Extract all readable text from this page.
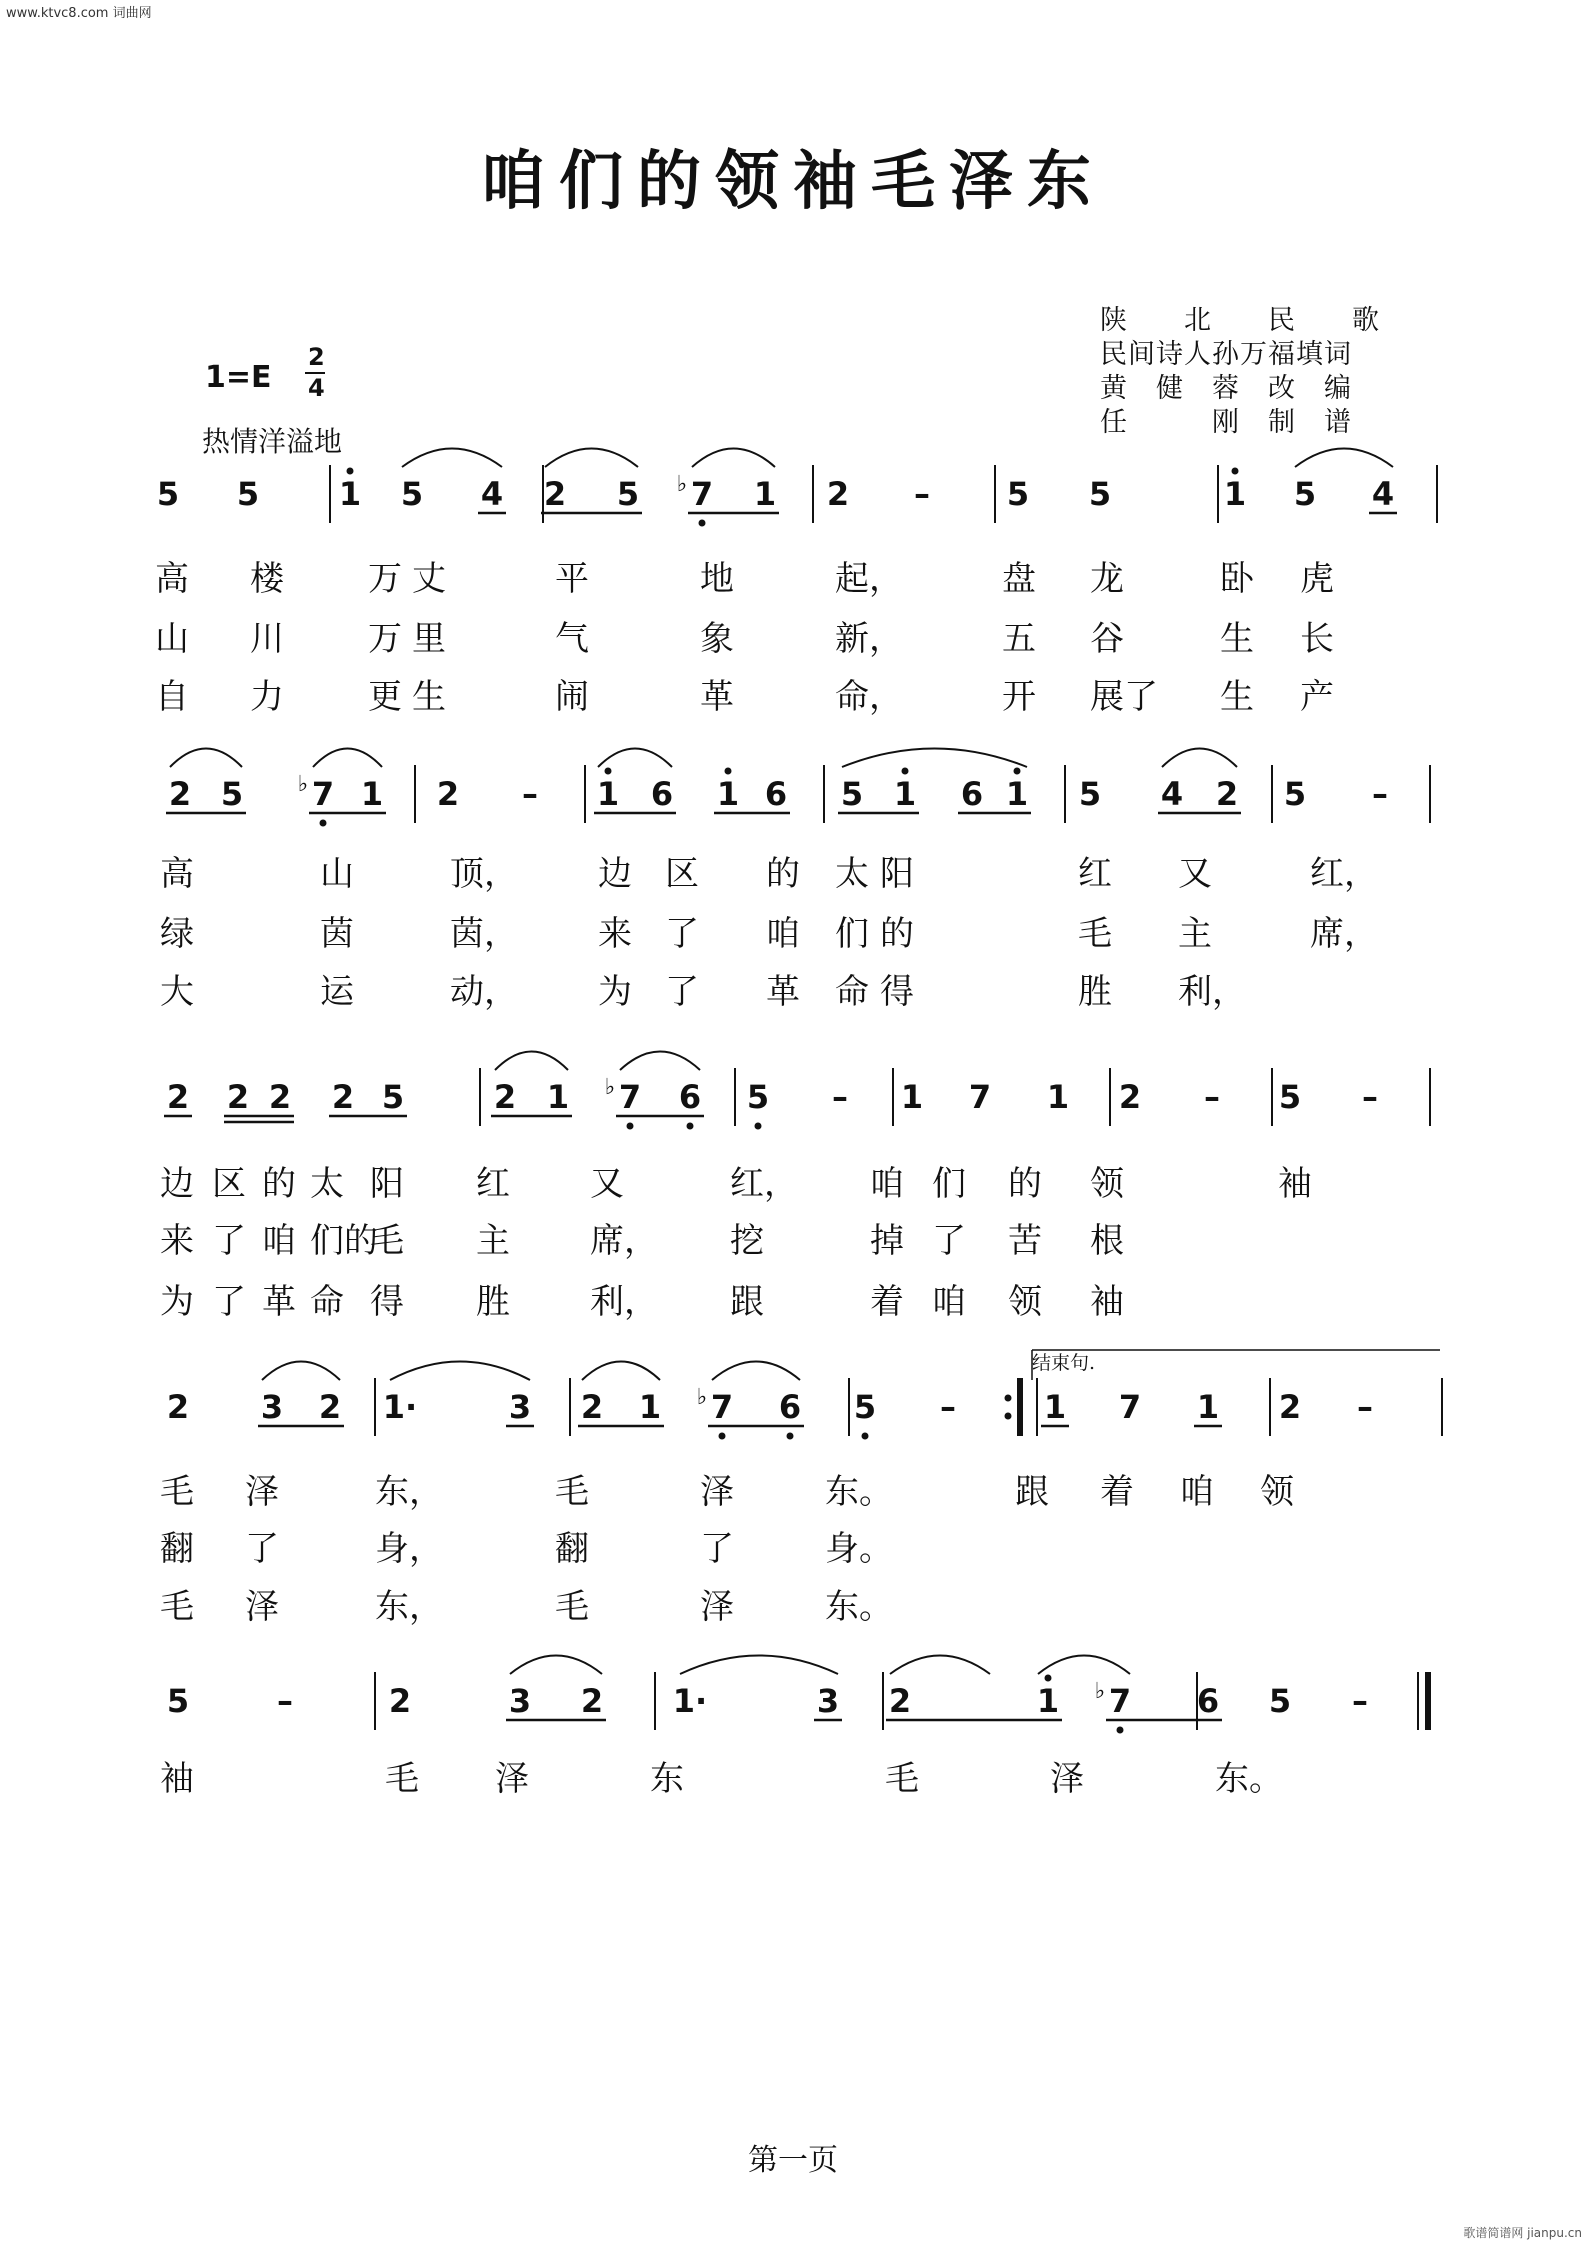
www.ktvc8.com 词曲网
咱们的领袖毛泽东
陕　　北　　民　　歌
民间诗人孙万福填词
黄　健　蓉　改　编
任　　　刚　制　谱
1=E
2
4
热情洋溢地
5 5 1 5 4 2 5 7
♭ 1 2 – 5 5	1 5 4
高 楼 万 丈	平	地	起，	盘 龙	卧 虎
山 川 万 里	气	象	新，	五 谷	生 长
自 力 更 生	闹	革	命，	开 展了 生 产
2 5 7
♭ 1 2 – 1 6 1 6 5 1 6 1 5 4 2 5 –
高	山	顶， 边 区 的 太 阳	红 又	红，
绿	茵	茵， 来 了 咱 们 的	毛 主	席，
大	运	动， 为 了 革 命 得	胜 利，
2 2 2 2 5	2 1 7
♭ 6 5 – 1 7 1 2 – 5 –
边 区 的 太 阳 红 又	红， 咱 们 的 领	袖
来 了 咱 们的
毛 主 席， 挖	掉 了 苦 根
为 了 革 命 得 胜 利， 跟	着 咱 领 袖
2 3 2 1·	3 2 1 7
♭ 6 5 –	1 7 1 2 –
毛 泽	东，	毛	泽	东。	跟 着 咱 领
翻 了	身，	翻	了	身。
毛 泽	东，	毛	泽	东。
5	–	2	3 2 1·	3 2	1 7
♭	6 5 –
袖	毛 泽	东	毛	泽	东。
结束句.
第一页
歌谱简谱网 jianpu.cn
